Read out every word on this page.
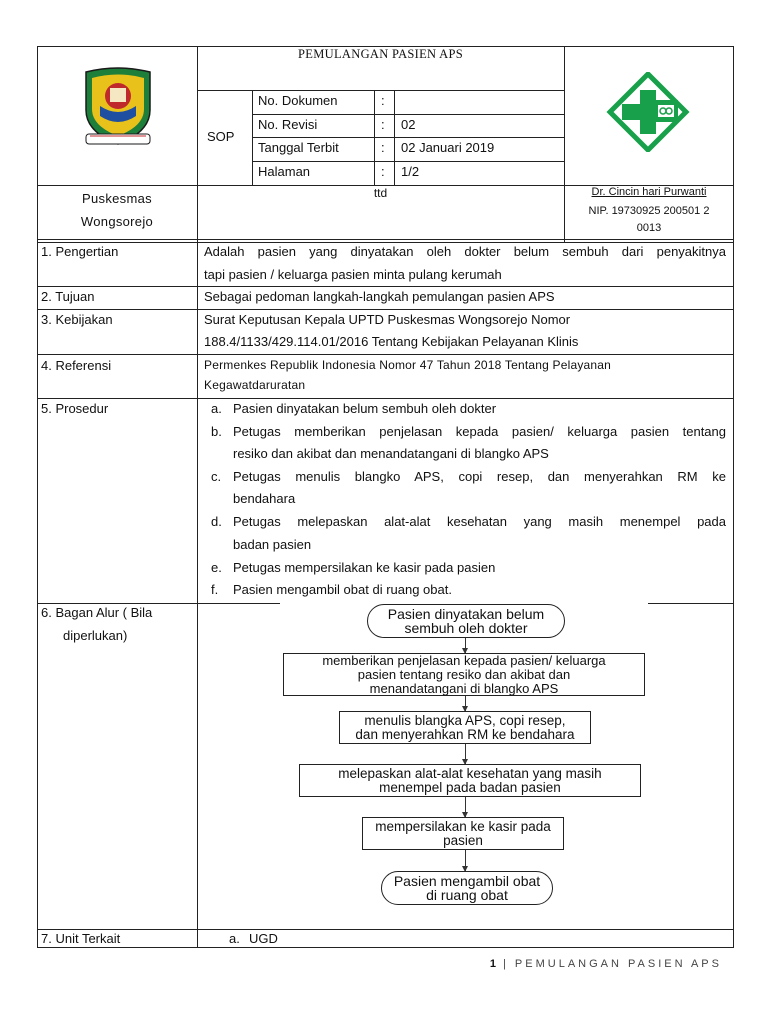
PEMULANGAN PASIEN APS
SOP
No. Dokumen	:
No. Revisi	: 02
Tanggal Terbit	: 02 Januari 2019
Halaman	: 1/2
Puskesmas
Wongsorejo
ttd	Dr. Cincin hari Purwanti
NIP. 19730925 200501 2
0013
1. Pengertian	Adalah pasien yang dinyatakan oleh dokter belum sembuh dari penyakitnya
tapi pasien / keluarga pasien minta pulang kerumah
2. Tujuan	Sebagai pedoman langkah-langkah pemulangan pasien APS
3. Kebijakan	Surat Keputusan Kepala UPTD Puskesmas Wongsorejo Nomor
188.4/1133/429.114.01/2016 Tentang Kebijakan Pelayanan Klinis
4. Referensi	Permenkes Republik Indonesia Nomor 47 Tahun 2018 Tentang Pelayanan
Kegawatdaruratan
5. Prosedur	a. Pasien dinyatakan belum sembuh oleh dokter
b. Petugas memberikan penjelasan kepada pasien/ keluarga pasien tentang
resiko dan akibat dan menandatangani di blangko APS
c. Petugas menulis blangko APS, copi resep, dan menyerahkan RM ke
bendahara
d. Petugas melepaskan alat-alat kesehatan yang masih menempel pada
badan pasien
e. Petugas mempersilakan ke kasir pada pasien
f. Pasien mengambil obat di ruang obat.
6. Bagan Alur ( Bila
diperlukan)
Pasien dinyatakan belum
sembuh oleh dokter
memberikan penjelasan kepada pasien/ keluarga
pasien tentang resiko dan akibat dan
menandatangani di blangko APS
menulis blangka APS, copi resep,
dan menyerahkan RM ke bendahara
melepaskan alat-alat kesehatan yang masih
menempel pada badan pasien
mempersilakan ke kasir pada
pasien
Pasien mengambil obat
di ruang obat
7. Unit Terkait	a. UGD
1 | PEMULANGAN PASIEN APS
